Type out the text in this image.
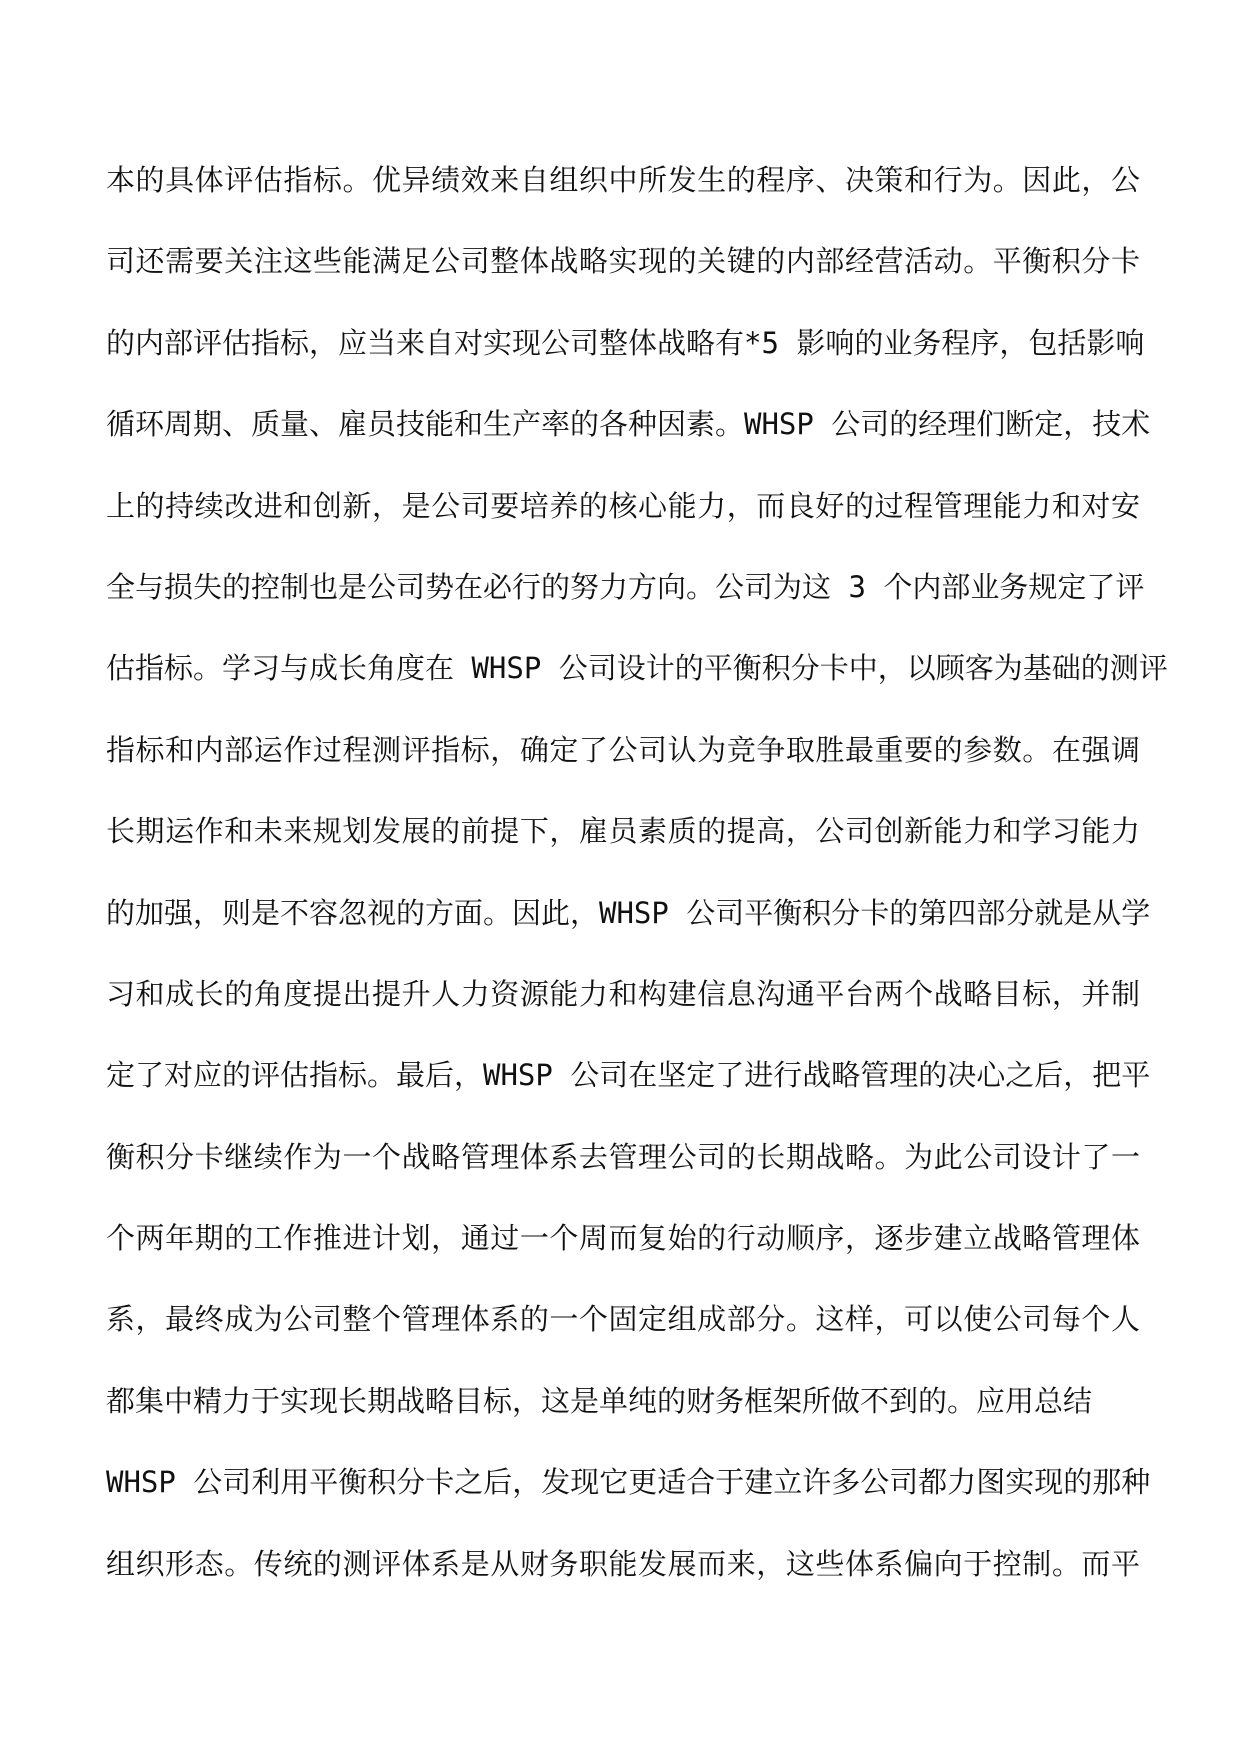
本的具体评估指标。优异绩效来自组织中所发生的程序、决策和行为。因此，公
司还需要关注这些能满足公司整体战略实现的关键的内部经营活动。平衡积分卡
的内部评估指标，应当来自对实现公司整体战略有*5 影响的业务程序，包括影响
循环周期、质量、雇员技能和生产率的各种因素。WHSP 公司的经理们断定，技术
上的持续改进和创新，是公司要培养的核心能力，而良好的过程管理能力和对安
全与损失的控制也是公司势在必行的努力方向。公司为这 3 个内部业务规定了评
估指标。学习与成长角度在 WHSP 公司设计的平衡积分卡中，以顾客为基础的测评
指标和内部运作过程测评指标，确定了公司认为竞争取胜最重要的参数。在强调
长期运作和未来规划发展的前提下，雇员素质的提高，公司创新能力和学习能力
的加强，则是不容忽视的方面。因此，WHSP 公司平衡积分卡的第四部分就是从学
习和成长的角度提出提升人力资源能力和构建信息沟通平台两个战略目标，并制
定了对应的评估指标。最后，WHSP 公司在坚定了进行战略管理的决心之后，把平
衡积分卡继续作为一个战略管理体系去管理公司的长期战略。为此公司设计了一
个两年期的工作推进计划，通过一个周而复始的行动顺序，逐步建立战略管理体
系，最终成为公司整个管理体系的一个固定组成部分。这样，可以使公司每个人
都集中精力于实现长期战略目标，这是单纯的财务框架所做不到的。应用总结
WHSP 公司利用平衡积分卡之后，发现它更适合于建立许多公司都力图实现的那种
组织形态。传统的测评体系是从财务职能发展而来，这些体系偏向于控制。而平
